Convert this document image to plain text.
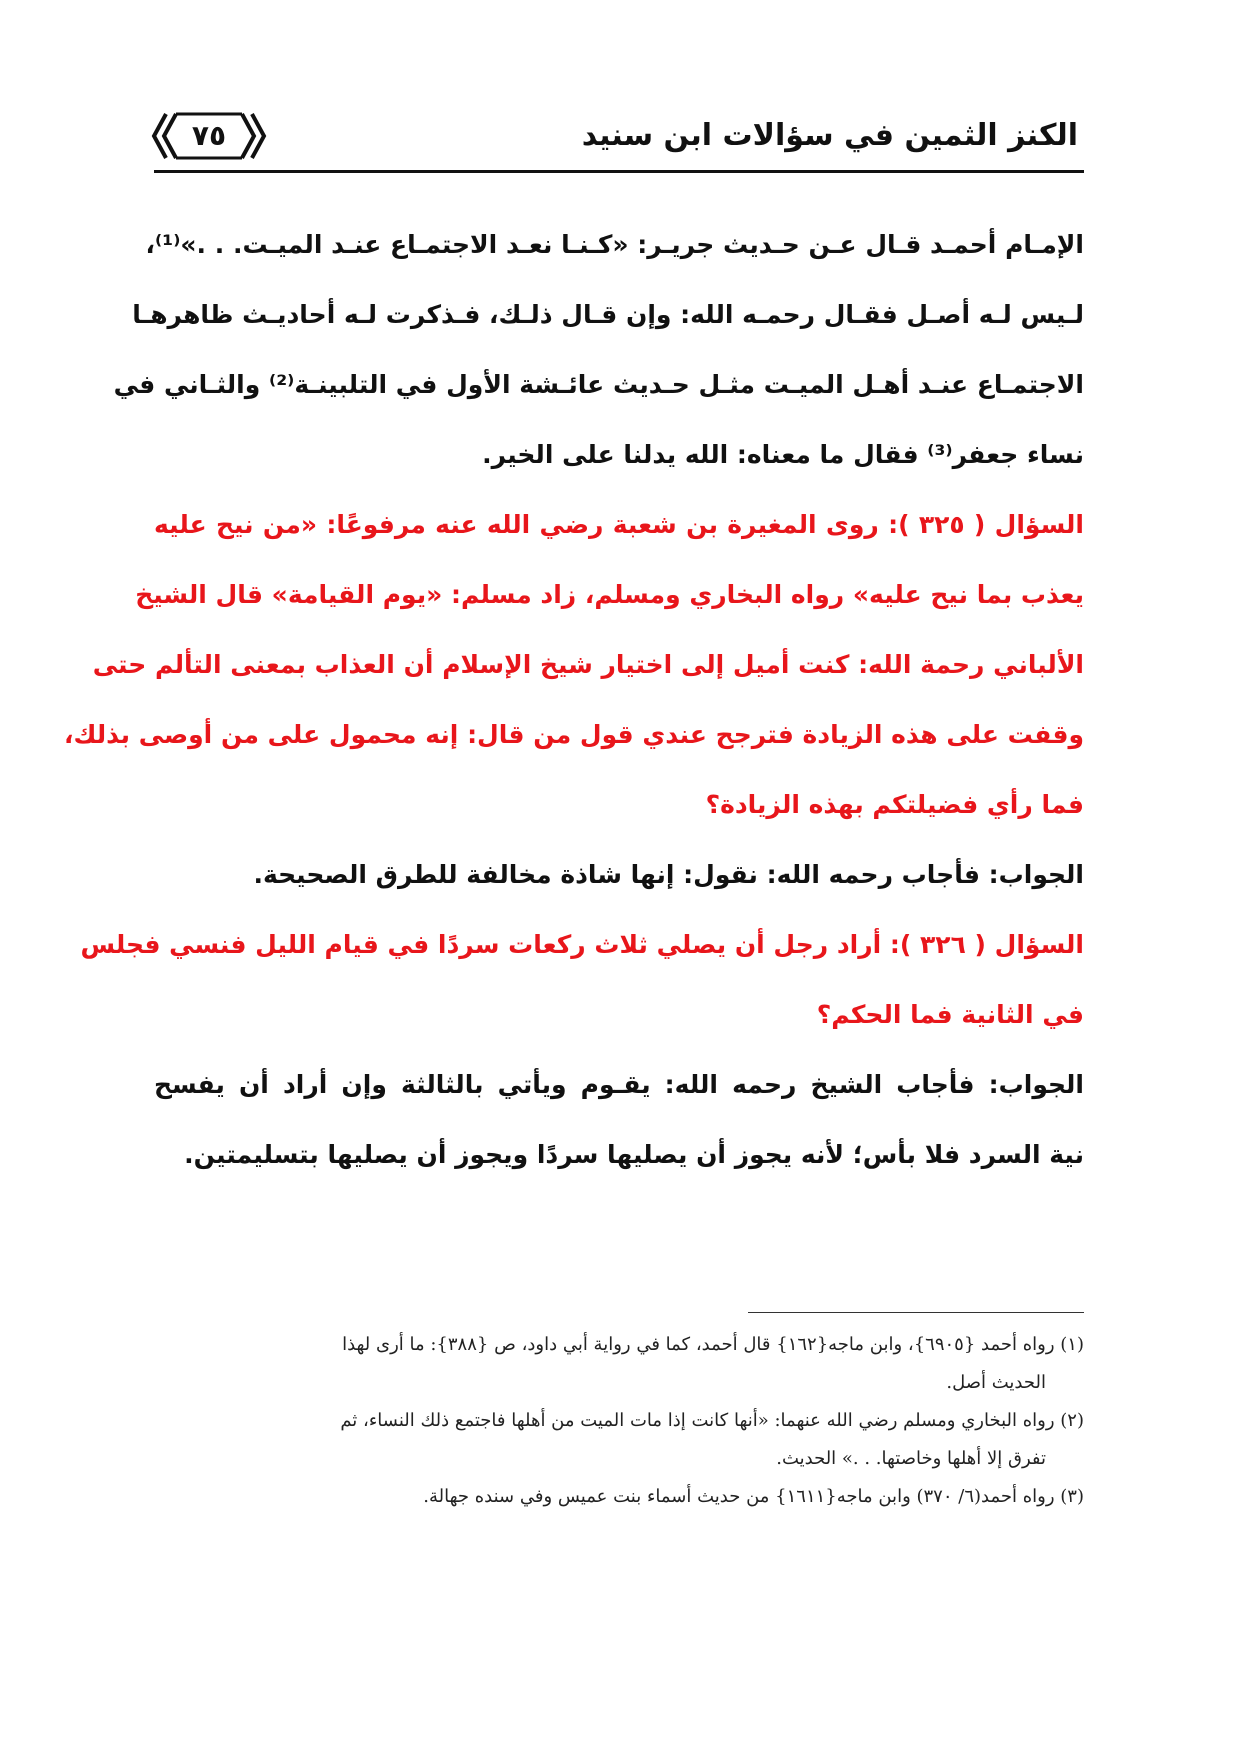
الكنز الثمين في سؤالات ابن سنيد
٧٥
الإمـام أحمـد قـال عـن حـديث جريـر: «كـنـا نعـد الاجتمـاع عنـد الميـت. . .»⁽¹⁾،
لـيس لـه أصـل فقـال رحمـه الله: وإن قـال ذلـك، فـذكرت لـه أحاديـث ظاهرهـا
الاجتمـاع عنـد أهـل الميـت مثـل حـديث عائـشة الأول في التلبينـة⁽²⁾ والثـاني في
نساء جعفر⁽³⁾ فقال ما معناه: الله يدلنا على الخير.
السؤال ( ٣٢٥ ): روى المغيرة بن شعبة رضي الله عنه مرفوعًا: «من نيح عليه
يعذب بما نيح عليه» رواه البخاري ومسلم، زاد مسلم: «يوم القيامة» قال الشيخ
الألباني رحمة الله: كنت أميل إلى اختيار شيخ الإسلام أن العذاب بمعنى التألم حتى
وقفت على هذه الزيادة فترجح عندي قول من قال: إنه محمول على من أوصى بذلك،
فما رأي فضيلتكم بهذه الزيادة؟
الجواب: فأجاب رحمه الله: نقول: إنها شاذة مخالفة للطرق الصحيحة.
السؤال ( ٣٢٦ ): أراد رجل أن يصلي ثلاث ركعات سردًا في قيام الليل فنسي فجلس
في الثانية فما الحكم؟
الجواب: فأجاب الشيخ رحمه الله: يقـوم ويأتي بالثالثة وإن أراد أن يفسح
نية السرد فلا بأس؛ لأنه يجوز أن يصليها سردًا ويجوز أن يصليها بتسليمتين.
(١) رواه أحمد {٦٩٠٥}، وابن ماجه{١٦٢} قال أحمد، كما في رواية أبي داود، ص {٣٨٨}: ما أرى لهذا
الحديث أصل.
(٢) رواه البخاري ومسلم رضي الله عنهما: «أنها كانت إذا مات الميت من أهلها فاجتمع ذلك النساء، ثم
تفرق إلا أهلها وخاصتها. . .» الحديث.
(٣) رواه أحمد(٦/ ٣٧٠) وابن ماجه{١٦١١} من حديث أسماء بنت عميس وفي سنده جهالة.
